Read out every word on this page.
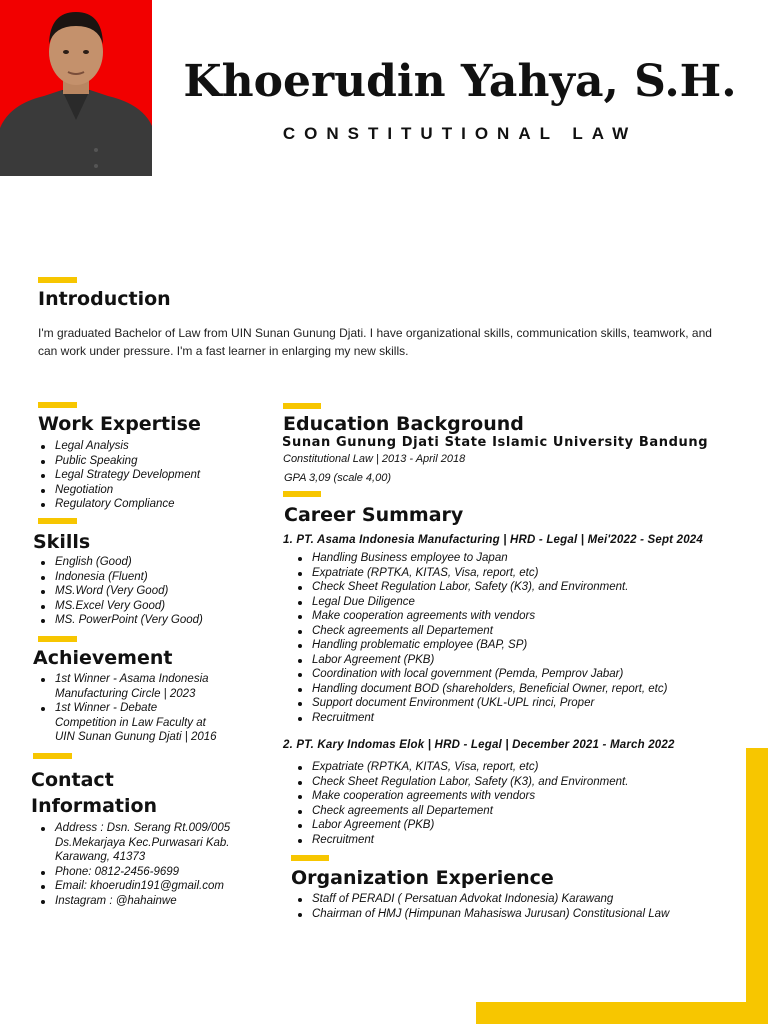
Khoerudin Yahya, S.H.
CONSTITUTIONAL LAW
Introduction
I'm graduated Bachelor of Law from UIN Sunan Gunung Djati. I have organizational skills, communication skills, teamwork, and can work under pressure. I'm a fast learner in enlarging my new skills.
Work Expertise
Legal Analysis
Public Speaking
Legal Strategy Development
Negotiation
Regulatory Compliance
Skills
English (Good)
Indonesia (Fluent)
MS.Word (Very Good)
MS.Excel Very Good)
MS. PowerPoint (Very Good)
Achievement
1st Winner - Asama Indonesia Manufacturing Circle | 2023
1st Winner - Debate Competition in Law Faculty at UIN Sunan Gunung Djati | 2016
Contact
Information
Address : Dsn. Serang Rt.009/005 Ds.Mekarjaya Kec.Purwasari Kab. Karawang, 41373
Phone: 0812-2456-9699
Email: khoerudin191@gmail.com
Instagram : @hahainwe
Education Background
Sunan Gunung Djati State Islamic University Bandung
Constitutional Law | 2013 - April 2018
GPA 3,09 (scale 4,00)
Career Summary
1. PT. Asama Indonesia Manufacturing | HRD - Legal | Mei'2022 - Sept 2024
Handling Business employee to Japan
Expatriate (RPTKA, KITAS, Visa, report, etc)
Check Sheet Regulation Labor, Safety (K3), and Environment.
Legal Due Diligence
Make cooperation agreements with vendors
Check agreements all Departement
Handling problematic employee (BAP, SP)
Labor Agreement (PKB)
Coordination with local government (Pemda, Pemprov Jabar)
Handling document BOD (shareholders, Beneficial Owner, report, etc)
Support document Environment (UKL-UPL rinci, Proper
Recruitment
2. PT. Kary Indomas Elok | HRD - Legal | December 2021 - March 2022
Expatriate (RPTKA, KITAS, Visa, report, etc)
Check Sheet Regulation Labor, Safety (K3), and Environment.
Make cooperation agreements with vendors
Check agreements all Departement
Labor Agreement (PKB)
Recruitment
Organization Experience
Staff of PERADI ( Persatuan Advokat Indonesia) Karawang
Chairman of HMJ (Himpunan Mahasiswa Jurusan) Constitusional Law
